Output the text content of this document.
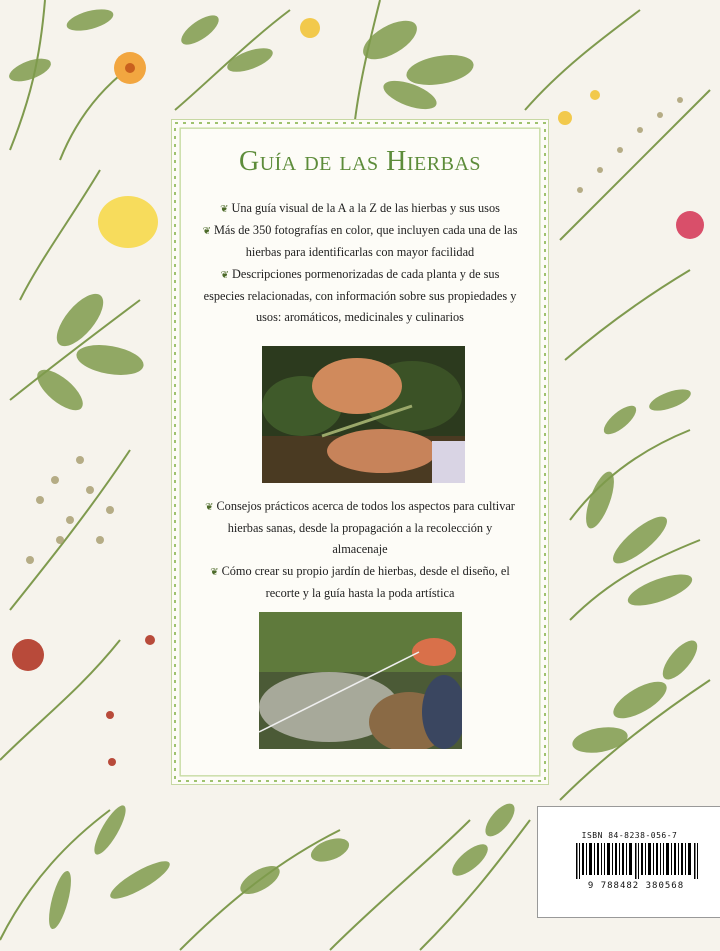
Guía de las Hierbas

❦ Una guía visual de la A a la Z de las hierbas y sus usos

❦ Más de 350 fotografías en color, que incluyen cada una de las hierbas para identificarlas con mayor facilidad

❦ Descripciones pormenorizadas de cada planta y de sus especies relacionadas, con información sobre sus propiedades y usos: aromáticos, medicinales y culinarios

❦ Consejos prácticos acerca de todos los aspectos para cultivar hierbas sanas, desde la propagación a la recolección y almacenaje

❦ Cómo crear su propio jardín de hierbas, desde el diseño, el recorte y la guía hasta la poda artística

ISBN 84-8238-056-7
9 788482 380568
